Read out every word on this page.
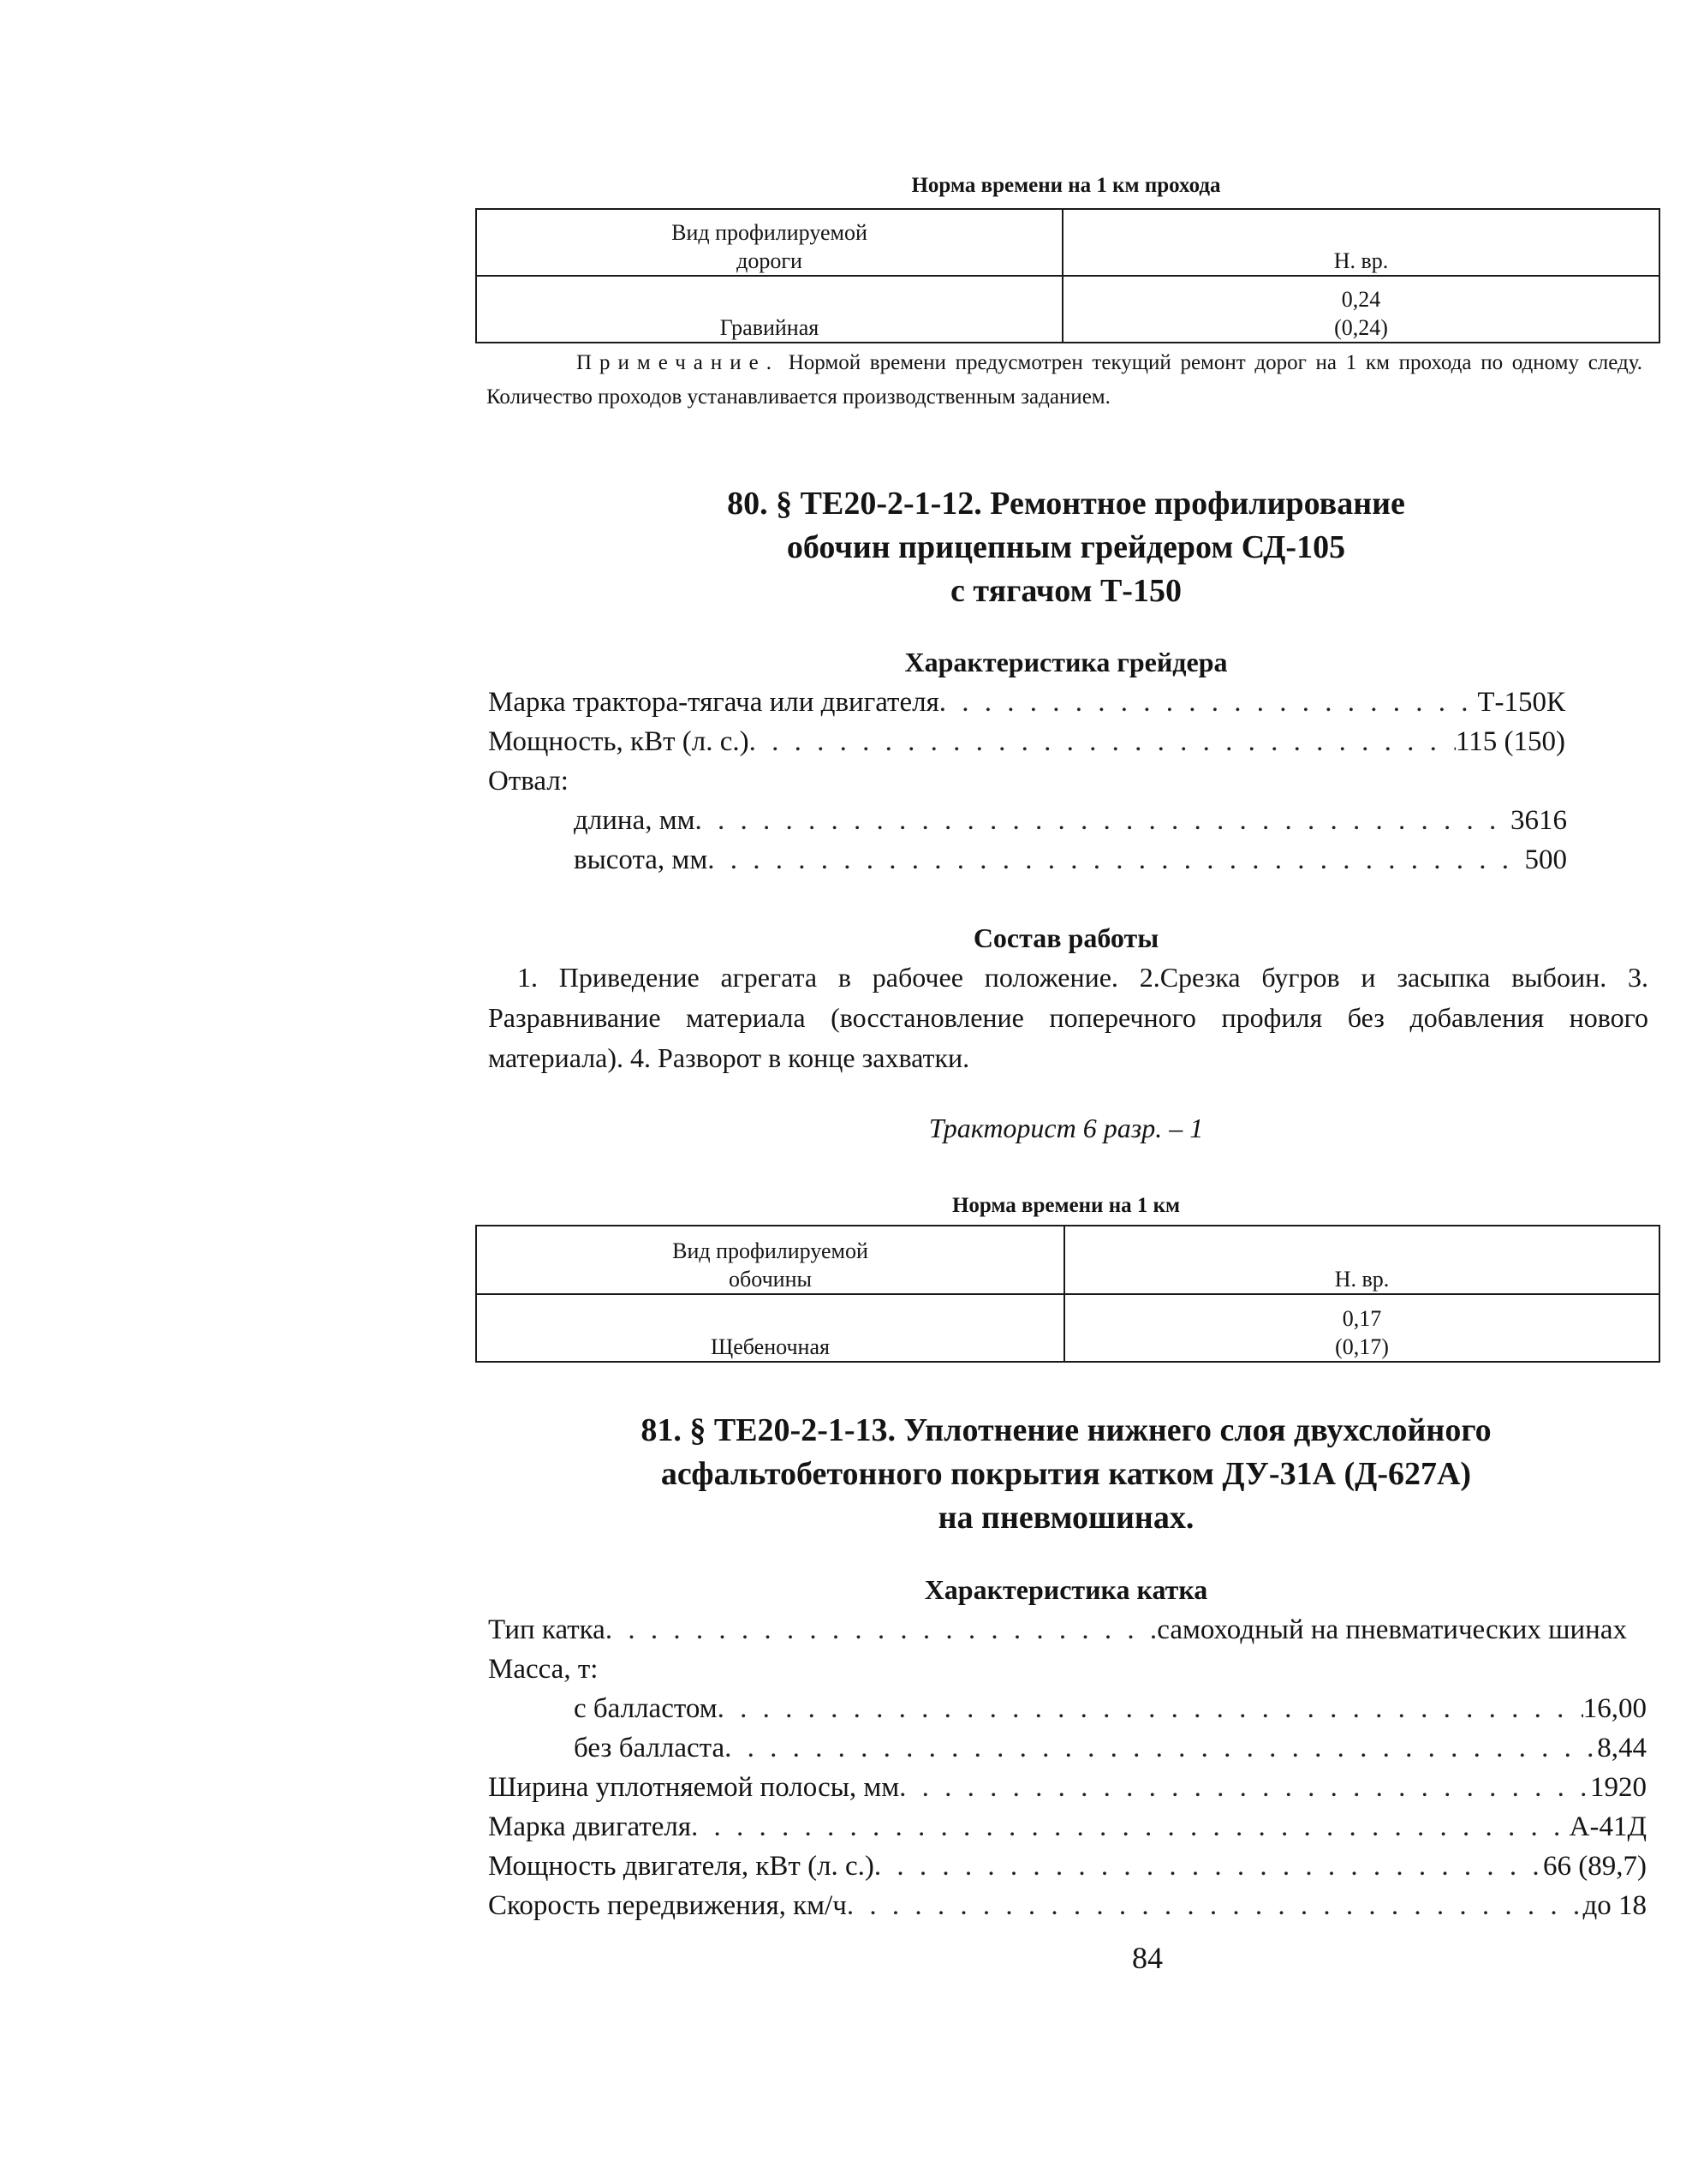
Норма времени на 1 км прохода
Вид профилируемой
дороги	Н. вр.
Гравийная	0,24
(0,24)
Примечание. Нормой времени предусмотрен текущий ремонт дорог на 1 км прохода по одному следу. Количество проходов устанавливается производственным заданием.
80. § ТЕ20-2-1-12. Ремонтное профилирование
обочин прицепным грейдером СД-105
с тягачом Т-150
Характеристика грейдера
Марка трактора-тягача или двигателя . . .	Т-150К
Мощность, кВт (л. с.) . . .	115 (150)
Отвал:
длина, мм . . .	3616
высота, мм . . .	500
Состав работы
1. Приведение агрегата в рабочее положение. 2.Срезка бугров и засыпка выбоин. 3. Разравнивание материала (восстановление поперечного профиля без добавления нового материала). 4. Разворот в конце захватки.
Тракторист 6 разр. – 1
Норма времени на 1 км
Вид профилируемой
обочины	Н. вр.
Щебеночная	0,17
(0,17)
81. § ТЕ20-2-1-13. Уплотнение нижнего слоя двухслойного
асфальтобетонного покрытия катком ДУ-31А (Д-627А)
на пневмошинах.
Характеристика катка
Тип катка . . .	самоходный на пневматических шинах
Масса, т:
с балластом . . .	16,00
без балласта . . .	8,44
Ширина уплотняемой полосы, мм . . .	1920
Марка двигателя . . .	А-41Д
Мощность двигателя, кВт (л. с.) . . .	66 (89,7)
Скорость передвижения, км/ч . . .	до 18
84
